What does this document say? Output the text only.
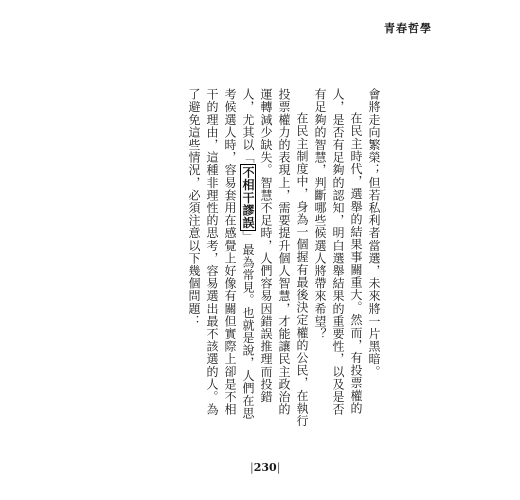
青春哲學

會將走向繁榮；但若私利者當選，未來將一片黑暗。

在民主時代，選舉的結果事關重大。然而，有投票權的人，是否有足夠的認知，明白選舉結果的重要性，以及是否有足夠的智慧，判斷哪些候選人將帶來希望？

在民主制度中，身為一個握有最後決定權的公民，在執行投票權力的表現上，需要提升個人智慧，才能讓民主政治的運轉減少缺失。智慧不足時，人們容易因錯誤推理而投錯人，尤其以「不相干謬誤」最為常見。也就是說，人們在思考候選人時，容易套用在感覺上好像有關但實際上卻是不相干的理由，這種非理性的思考，容易選出最不該選的人。為了避免這些情況，必須注意以下幾個問題：

|230|
